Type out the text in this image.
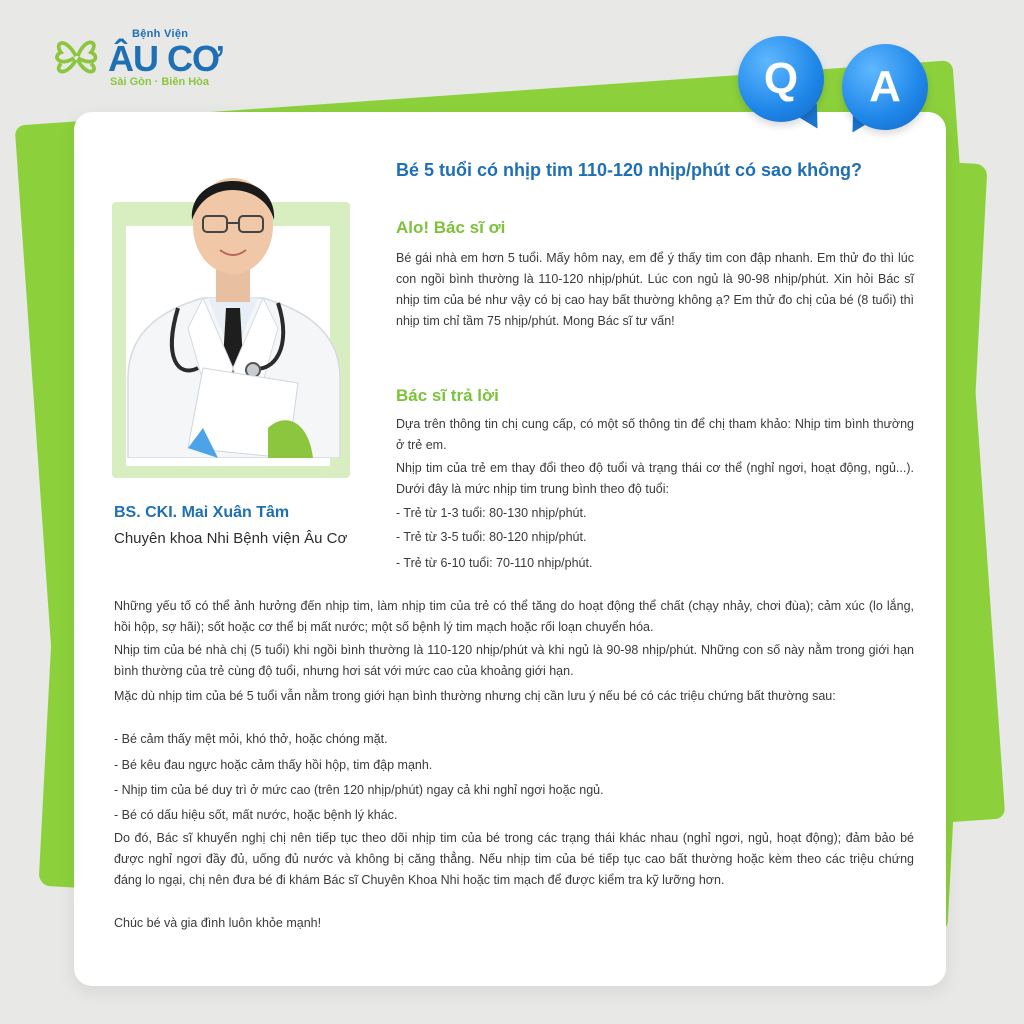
Bệnh Viện
ÂU CƠ
Sài Gòn · Biên Hòa	Q	A
BS. CKI. Mai Xuân Tâm
Chuyên khoa Nhi Bệnh viện Âu Cơ
Bé 5 tuổi có nhịp tim 110-120 nhịp/phút có sao không?
Alo! Bác sĩ ơi
Bé gái nhà em hơn 5 tuổi. Mấy hôm nay, em để ý thấy tim con đập nhanh. Em thử đo thì lúc con ngồi bình thường là 110-120 nhịp/phút. Lúc con ngủ là 90-98 nhịp/phút. Xin hỏi Bác sĩ nhịp tim của bé như vậy có bị cao hay bất thường không ạ? Em thử đo chị của bé (8 tuổi) thì nhịp tim chỉ tầm 75 nhịp/phút. Mong Bác sĩ tư vấn!
Bác sĩ trả lời
Dựa trên thông tin chị cung cấp, có một số thông tin để chị tham khảo: Nhịp tim bình thường ở trẻ em.
Nhịp tim của trẻ em thay đổi theo độ tuổi và trạng thái cơ thể (nghỉ ngơi, hoạt động, ngủ...). Dưới đây là mức nhịp tim trung bình theo độ tuổi:
- Trẻ từ 1-3 tuổi: 80-130 nhịp/phút.
- Trẻ từ 3-5 tuổi: 80-120 nhịp/phút.
- Trẻ từ 6-10 tuổi: 70-110 nhịp/phút.
Những yếu tố có thể ảnh hưởng đến nhịp tim, làm nhịp tim của trẻ có thể tăng do hoạt động thể chất (chạy nhảy, chơi đùa); cảm xúc (lo lắng, hồi hộp, sợ hãi); sốt hoặc cơ thể bị mất nước; một số bệnh lý tim mạch hoặc rối loạn chuyển hóa.
Nhịp tim của bé nhà chị (5 tuổi) khi ngồi bình thường là 110-120 nhịp/phút và khi ngủ là 90-98 nhịp/phút. Những con số này nằm trong giới hạn bình thường của trẻ cùng độ tuổi, nhưng hơi sát với mức cao của khoảng giới hạn.
Mặc dù nhịp tim của bé 5 tuổi vẫn nằm trong giới hạn bình thường nhưng chị cần lưu ý nếu bé có các triệu chứng bất thường sau:
- Bé cảm thấy mệt mỏi, khó thở, hoặc chóng mặt.
- Bé kêu đau ngực hoặc cảm thấy hồi hộp, tim đập mạnh.
- Nhịp tim của bé duy trì ở mức cao (trên 120 nhịp/phút) ngay cả khi nghỉ ngơi hoặc ngủ.
- Bé có dấu hiệu sốt, mất nước, hoặc bệnh lý khác.
Do đó, Bác sĩ khuyến nghị chị nên tiếp tục theo dõi nhịp tim của bé trong các trạng thái khác nhau (nghỉ ngơi, ngủ, hoạt động); đảm bảo bé được nghỉ ngơi đầy đủ, uống đủ nước và không bị căng thẳng. Nếu nhịp tim của bé tiếp tục cao bất thường hoặc kèm theo các triệu chứng đáng lo ngại, chị nên đưa bé đi khám Bác sĩ Chuyên Khoa Nhi hoặc tim mạch để được kiểm tra kỹ lưỡng hơn.
Chúc bé và gia đình luôn khỏe mạnh!
